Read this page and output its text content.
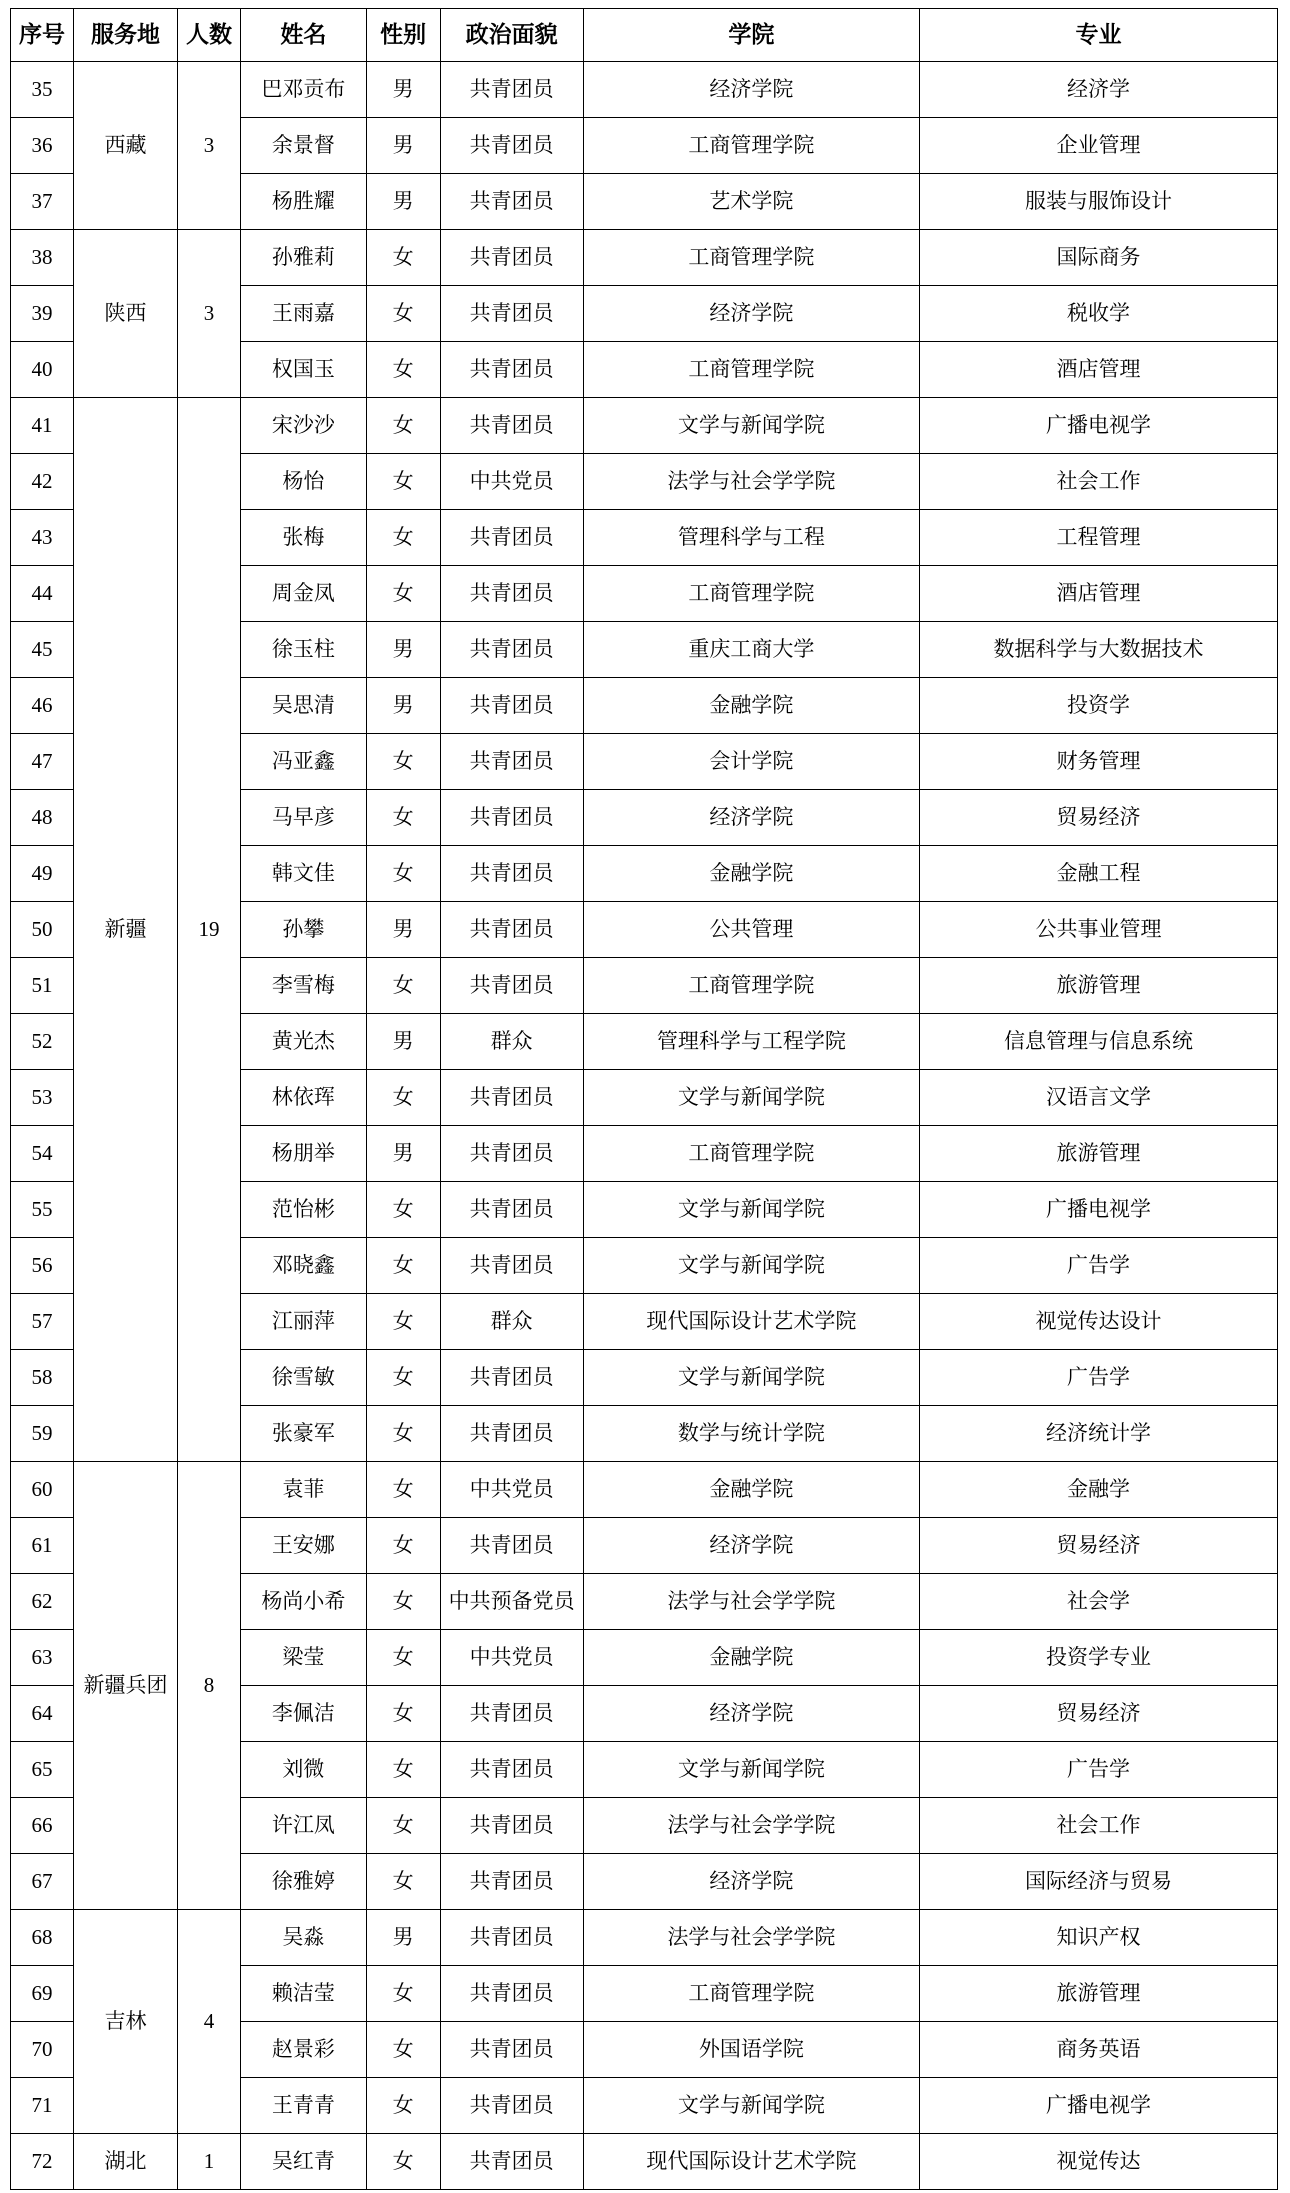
序号	服务地	人数	姓名	性别	政治面貌	学院	专业
35	西藏	3	巴邓贡布	男	共青团员	经济学院	经济学
36			余景督	男	共青团员	工商管理学院	企业管理
37			杨胜耀	男	共青团员	艺术学院	服装与服饰设计
38	陕西	3	孙雅莉	女	共青团员	工商管理学院	国际商务
39			王雨嘉	女	共青团员	经济学院	税收学
40			权国玉	女	共青团员	工商管理学院	酒店管理
41	新疆	19	宋沙沙	女	共青团员	文学与新闻学院	广播电视学
42			杨怡	女	中共党员	法学与社会学学院	社会工作
43			张梅	女	共青团员	管理科学与工程	工程管理
44			周金凤	女	共青团员	工商管理学院	酒店管理
45			徐玉柱	男	共青团员	重庆工商大学	数据科学与大数据技术
46			吴思清	男	共青团员	金融学院	投资学
47			冯亚鑫	女	共青团员	会计学院	财务管理
48			马早彦	女	共青团员	经济学院	贸易经济
49			韩文佳	女	共青团员	金融学院	金融工程
50			孙攀	男	共青团员	公共管理	公共事业管理
51			李雪梅	女	共青团员	工商管理学院	旅游管理
52			黄光杰	男	群众	管理科学与工程学院	信息管理与信息系统
53			林依珲	女	共青团员	文学与新闻学院	汉语言文学
54			杨朋举	男	共青团员	工商管理学院	旅游管理
55			范怡彬	女	共青团员	文学与新闻学院	广播电视学
56			邓晓鑫	女	共青团员	文学与新闻学院	广告学
57			江丽萍	女	群众	现代国际设计艺术学院	视觉传达设计
58			徐雪敏	女	共青团员	文学与新闻学院	广告学
59			张豪军	女	共青团员	数学与统计学院	经济统计学
60	新疆兵团	8	袁菲	女	中共党员	金融学院	金融学
61			王安娜	女	共青团员	经济学院	贸易经济
62			杨尚小希	女	中共预备党员	法学与社会学学院	社会学
63			梁莹	女	中共党员	金融学院	投资学专业
64			李佩洁	女	共青团员	经济学院	贸易经济
65			刘微	女	共青团员	文学与新闻学院	广告学
66			许江凤	女	共青团员	法学与社会学学院	社会工作
67			徐雅婷	女	共青团员	经济学院	国际经济与贸易
68	吉林	4	吴淼	男	共青团员	法学与社会学学院	知识产权
69			赖洁莹	女	共青团员	工商管理学院	旅游管理
70			赵景彩	女	共青团员	外国语学院	商务英语
71			王青青	女	共青团员	文学与新闻学院	广播电视学
72	湖北	1	吴红青	女	共青团员	现代国际设计艺术学院	视觉传达
